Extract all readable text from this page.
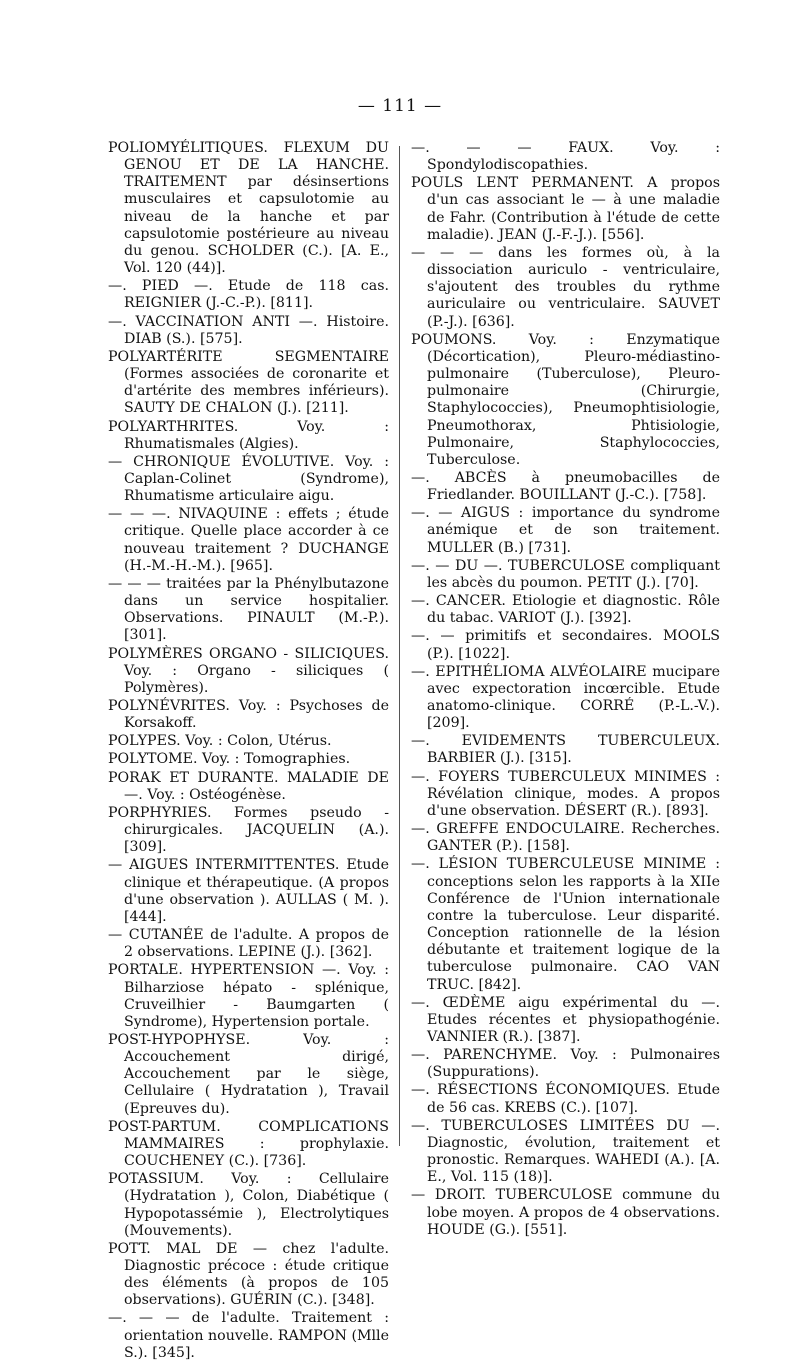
— 111 —

POLIOMYÉLITIQUES. FLEXUM DU GENOU ET DE LA HANCHE. TRAITEMENT par désinsertions musculaires et capsulotomie au niveau de la hanche et par capsulotomie postérieure au niveau du genou. SCHOLDER (C.). [A. E., Vol. 120 (44)].

—. PIED —. Etude de 118 cas. REIGNIER (J.-C.-P.). [811].

—. VACCINATION ANTI —. Histoire. DIAB (S.). [575].

POLYARTÉRITE SEGMENTAIRE (Formes associées de coronarite et d'artérite des membres inférieurs). SAUTY DE CHALON (J.). [211].

POLYARTHRITES. Voy. : Rhumatismales (Algies).

— CHRONIQUE ÉVOLUTIVE. Voy. : Caplan-Colinet (Syndrome), Rhumatisme articulaire aigu.

— — —. NIVAQUINE : effets ; étude critique. Quelle place accorder à ce nouveau traitement ? DUCHANGE (H.-M.-H.-M.). [965].

— — — traitées par la Phénylbutazone dans un service hospitalier. Observations. PINAULT (M.-P.). [301].

POLYMÈRES ORGANO - SILICIQUES. Voy. : Organo - siliciques ( Polymères).

POLYNÉVRITES. Voy. : Psychoses de Korsakoff.

POLYPES. Voy. : Colon, Utérus.

POLYTOME. Voy. : Tomographies.

PORAK ET DURANTE. MALADIE DE —. Voy. : Ostéogénèse.

PORPHYRIES. Formes pseudo - chirurgicales. JACQUELIN (A.). [309].

— AIGUES INTERMITTENTES. Etude clinique et thérapeutique. (A propos d'une observation ). AULLAS ( M. ). [444].

— CUTANÉE de l'adulte. A propos de 2 observations. LEPINE (J.). [362].

PORTALE. HYPERTENSION —. Voy. : Bilharziose hépato - splénique, Cruveilhier - Baumgarten ( Syndrome), Hypertension portale.

POST-HYPOPHYSE. Voy. : Accouchement dirigé, Accouchement par le siège, Cellulaire ( Hydratation ), Travail (Epreuves du).

POST-PARTUM. COMPLICATIONS MAMMAIRES : prophylaxie. COUCHENEY (C.). [736].

POTASSIUM. Voy. : Cellulaire (Hydratation ), Colon, Diabétique ( Hypopotassémie ), Electrolytiques (Mouvements).

POTT. MAL DE — chez l'adulte. Diagnostic précoce : étude critique des éléments (à propos de 105 observations). GUÉRIN (C.). [348].

—. — — de l'adulte. Traitement : orientation nouvelle. RAMPON (Mlle S.). [345].

—. — — FAUX. Voy. : Spondylodiscopathies.

POULS LENT PERMANENT. A propos d'un cas associant le — à une maladie de Fahr. (Contribution à l'étude de cette maladie). JEAN (J.-F.-J.). [556].

— — — dans les formes où, à la dissociation auriculo - ventriculaire, s'ajoutent des troubles du rythme auriculaire ou ventriculaire. SAUVET (P.-J.). [636].

POUMONS. Voy. : Enzymatique (Décortication), Pleuro-médiastino-pulmonaire (Tuberculose), Pleuro-pulmonaire (Chirurgie, Staphylococcies), Pneumophtisiologie, Pneumothorax, Phtisiologie, Pulmonaire, Staphylococcies, Tuberculose.

—. ABCÈS à pneumobacilles de Friedlander. BOUILLANT (J.-C.). [758].

—. — AIGUS : importance du syndrome anémique et de son traitement. MULLER (B.) [731].

—. — DU —. TUBERCULOSE compliquant les abcès du poumon. PETIT (J.). [70].

—. CANCER. Etiologie et diagnostic. Rôle du tabac. VARIOT (J.). [392].

—. — primitifs et secondaires. MOOLS (P.). [1022].

—. EPITHÉLIOMA ALVÉOLAIRE mucipare avec expectoration incœrcible. Etude anatomo-clinique. CORRÉ (P.-L.-V.). [209].

—. EVIDEMENTS TUBERCULEUX. BARBIER (J.). [315].

—. FOYERS TUBERCULEUX MINIMES : Révélation clinique, modes. A propos d'une observation. DÉSERT (R.). [893].

—. GREFFE ENDOCULAIRE. Recherches. GANTER (P.). [158].

—. LÉSION TUBERCULEUSE MINIME : conceptions selon les rapports à la XIIe Conférence de l'Union internationale contre la tuberculose. Leur disparité. Conception rationnelle de la lésion débutante et traitement logique de la tuberculose pulmonaire. CAO VAN TRUC. [842].

—. ŒDÈME aigu expérimental du —. Etudes récentes et physiopathogénie. VANNIER (R.). [387].

—. PARENCHYME. Voy. : Pulmonaires (Suppurations).

—. RÉSECTIONS ÉCONOMIQUES. Etude de 56 cas. KREBS (C.). [107].

—. TUBERCULOSES LIMITÉES DU —. Diagnostic, évolution, traitement et pronostic. Remarques. WAHEDI (A.). [A. E., Vol. 115 (18)].

— DROIT. TUBERCULOSE commune du lobe moyen. A propos de 4 observations. HOUDE (G.). [551].
